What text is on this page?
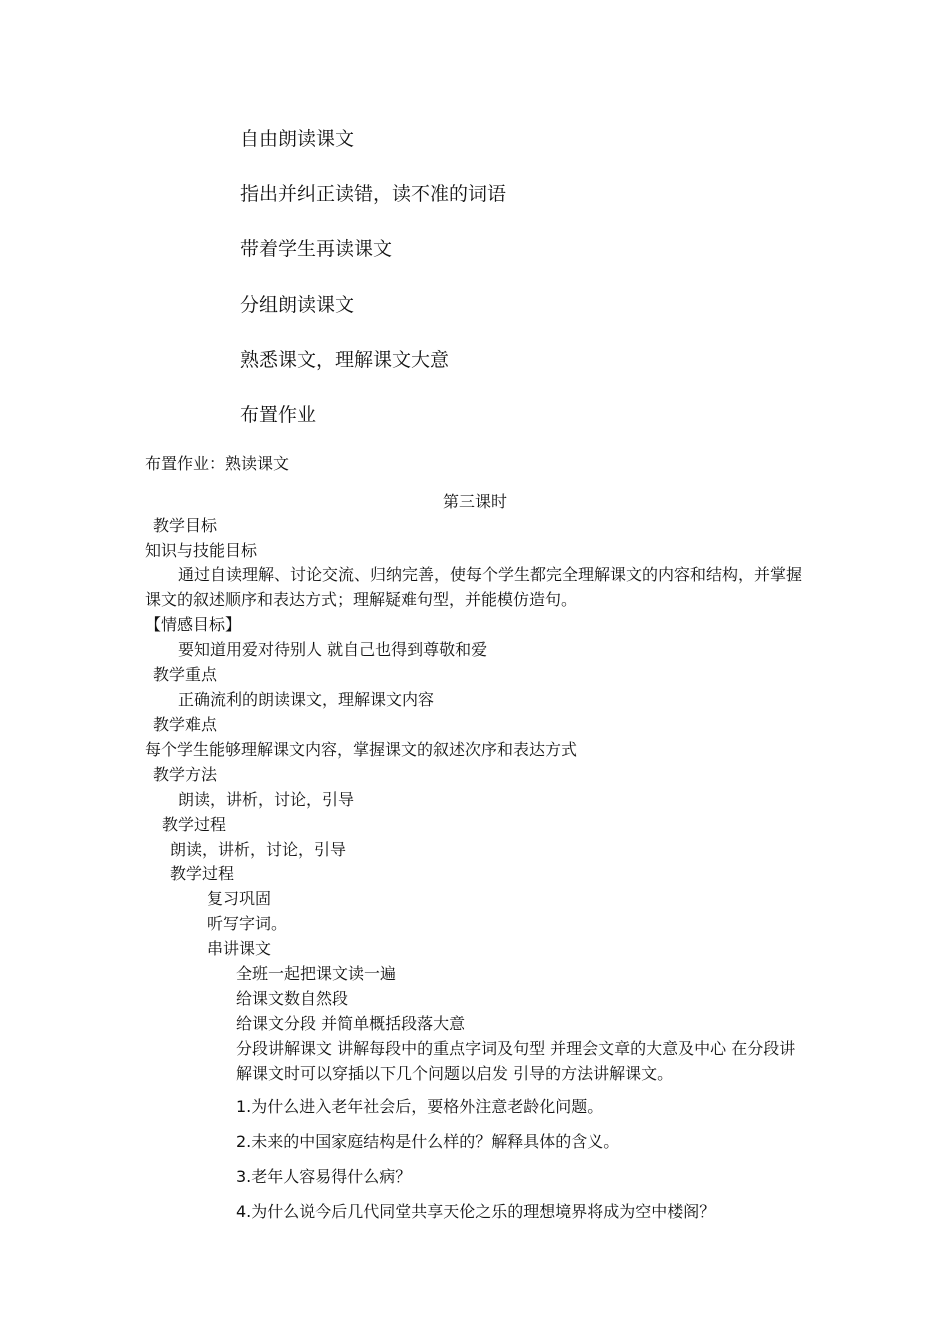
自由朗读课文
指出并纠正读错，读不准的词语
带着学生再读课文
分组朗读课文
熟悉课文，理解课文大意
布置作业
布置作业：熟读课文
第三课时
教学目标
知识与技能目标
通过自读理解、讨论交流、归纳完善，使每个学生都完全理解课文的内容和结构，并掌握课文的叙述顺序和表达方式；理解疑难句型，并能模仿造句。
【情感目标】
要知道用爱对待别人 就自己也得到尊敬和爱
教学重点
正确流利的朗读课文，理解课文内容
教学难点
每个学生能够理解课文内容，掌握课文的叙述次序和表达方式
教学方法
朗读，讲析，讨论，引导
教学过程
朗读，讲析，讨论，引导
教学过程
复习巩固
听写字词。
串讲课文
全班一起把课文读一遍
给课文数自然段
给课文分段 并简单概括段落大意
分段讲解课文 讲解每段中的重点字词及句型 并理会文章的大意及中心 在分段讲解课文时可以穿插以下几个问题以启发 引导的方法讲解课文。
1.为什么进入老年社会后，要格外注意老龄化问题。
2.未来的中国家庭结构是什么样的？解释具体的含义。
3.老年人容易得什么病？
4.为什么说今后几代同堂共享天伦之乐的理想境界将成为空中楼阁？
